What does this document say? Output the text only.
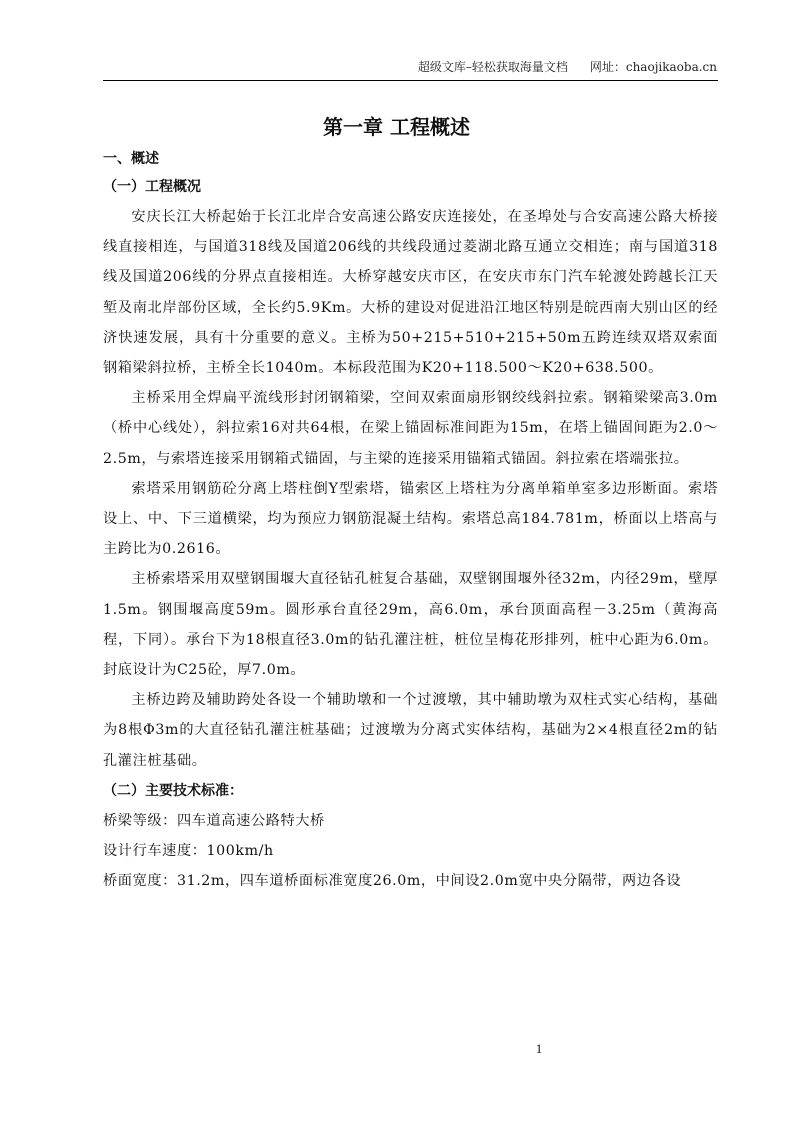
超级文库–轻松获取海量文档 网址：chaojikaoba.cn
第一章 工程概述
一、概述
（一）工程概况
安庆长江大桥起始于长江北岸合安高速公路安庆连接处，在圣埠处与合安高速公路大桥接线直接相连，与国道318线及国道206线的共线段通过菱湖北路互通立交相连；南与国道318线及国道206线的分界点直接相连。大桥穿越安庆市区，在安庆市东门汽车轮渡处跨越长江天堑及南北岸部份区域，全长约5.9Km。大桥的建设对促进沿江地区特别是皖西南大别山区的经济快速发展，具有十分重要的意义。主桥为50+215+510+215+50m五跨连续双塔双索面钢箱梁斜拉桥，主桥全长1040m。本标段范围为K20+118.500～K20+638.500。
主桥采用全焊扁平流线形封闭钢箱梁，空间双索面扇形钢绞线斜拉索。钢箱梁梁高3.0m（桥中心线处），斜拉索16对共64根，在梁上锚固标准间距为15m，在塔上锚固间距为2.0～2.5m，与索塔连接采用钢箱式锚固，与主梁的连接采用锚箱式锚固。斜拉索在塔端张拉。
索塔采用钢筋砼分离上塔柱倒Y型索塔，锚索区上塔柱为分离单箱单室多边形断面。索塔设上、中、下三道横梁，均为预应力钢筋混凝土结构。索塔总高184.781m，桥面以上塔高与主跨比为0.2616。
主桥索塔采用双壁钢围堰大直径钻孔桩复合基础，双壁钢围堰外径32m，内径29m，壁厚1.5m。钢围堰高度59m。圆形承台直径29m，高6.0m，承台顶面高程－3.25m（黄海高程，下同）。承台下为18根直径3.0m的钻孔灌注桩，桩位呈梅花形排列，桩中心距为6.0m。封底设计为C25砼，厚7.0m。
主桥边跨及辅助跨处各设一个辅助墩和一个过渡墩，其中辅助墩为双柱式实心结构，基础为8根Φ3m的大直径钻孔灌注桩基础；过渡墩为分离式实体结构，基础为2×4根直径2m的钻孔灌注桩基础。
（二）主要技术标准：
桥梁等级：四车道高速公路特大桥
设计行车速度：100km/h
桥面宽度：31.2m，四车道桥面标准宽度26.0m，中间设2.0m宽中央分隔带，两边各设
1
